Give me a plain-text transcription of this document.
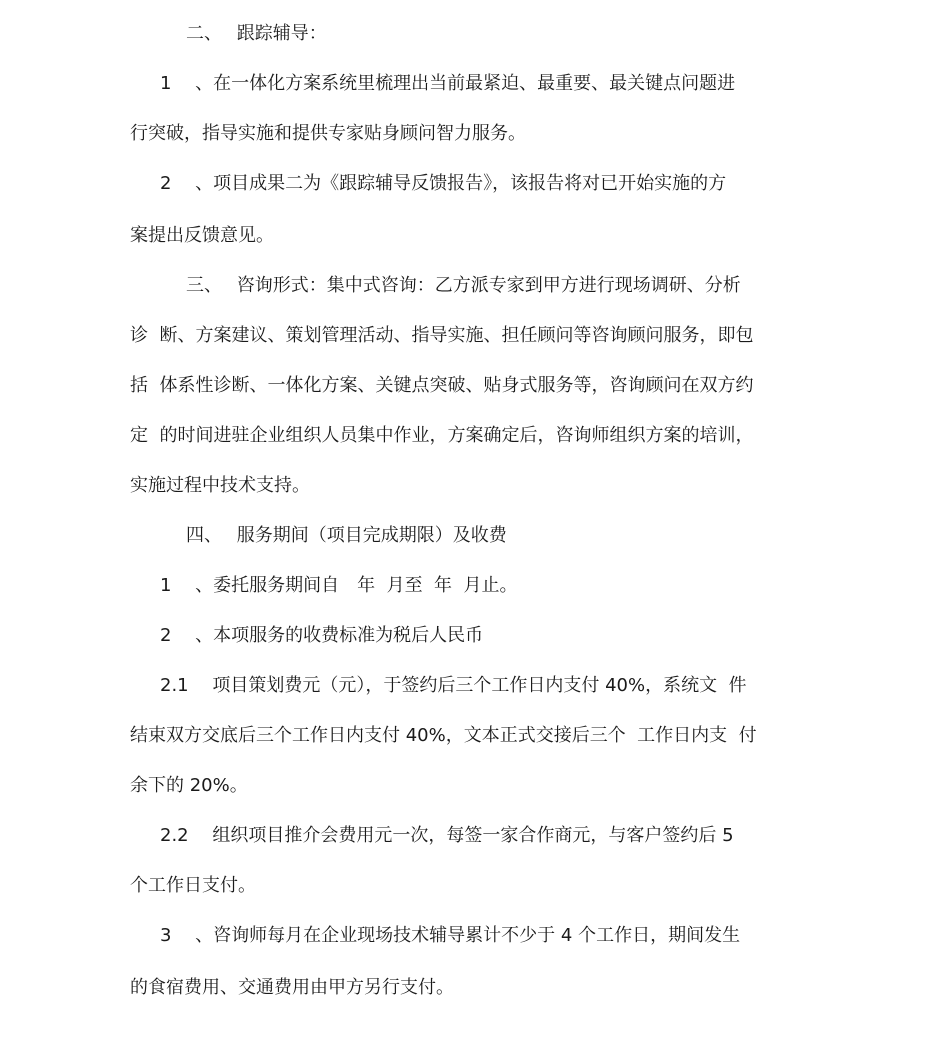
二、　 跟踪辅导：
1　 、在一体化方案系统里梳理出当前最紧迫、最重要、最关键点问题进
行突破，指导实施和提供专家贴身顾问智力服务。
2　 、项目成果二为《跟踪辅导反馈报告》，该报告将对已开始实施的方
案提出反馈意见。
三、　 咨询形式：集中式咨询：乙方派专家到甲方进行现场调研、分析
诊  断、方案建议、策划管理活动、指导实施、担任顾问等咨询顾问服务，即包
括  体系性诊断、一体化方案、关键点突破、贴身式服务等，咨询顾问在双方约
定  的时间进驻企业组织人员集中作业，方案确定后，咨询师组织方案的培训，
实施过程中技术支持。
四、　 服务期间（项目完成期限）及收费
1　 、委托服务期间自　年  月至  年  月止。
2　 、本项服务的收费标准为税后人民币
2.1　 项目策划费元（元），于签约后三个工作日内支付 40%，系统文  件
结束双方交底后三个工作日内支付 40%，文本正式交接后三个  工作日内支  付
余下的 20%。
2.2　 组织项目推介会费用元一次，每签一家合作商元，与客户签约后 5
个工作日支付。
3　 、咨询师每月在企业现场技术辅导累计不少于 4 个工作日，期间发生
的食宿费用、交通费用由甲方另行支付。
